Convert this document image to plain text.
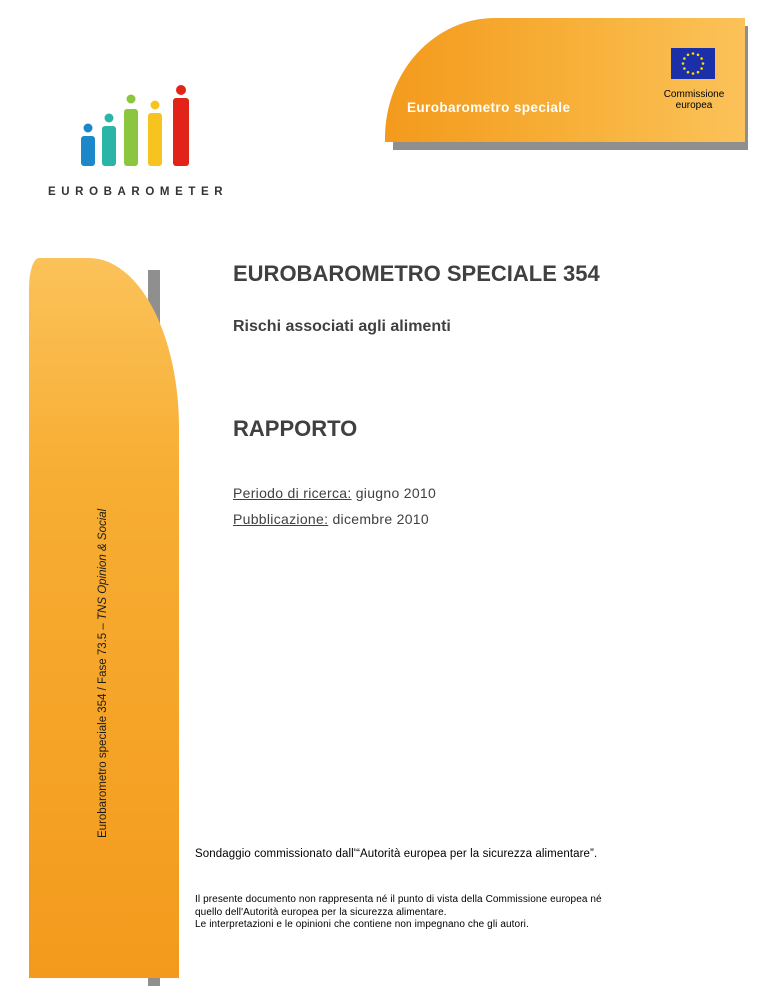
Eurobarometro speciale
Commissione
europea
EUROBAROMETER
Eurobarometro speciale 354 / Fase 73.5 – TNS Opinion & Social
EUROBAROMETRO SPECIALE 354
Rischi associati agli alimenti
RAPPORTO
Periodo di ricerca: giugno 2010
Pubblicazione: dicembre 2010
Sondaggio commissionato dall'“Autorità europea per la sicurezza alimentare”.
Il presente documento non rappresenta né il punto di vista della Commissione europea né
quello dell'Autorità europea per la sicurezza alimentare.
Le interpretazioni e le opinioni che contiene non impegnano che gli autori.
